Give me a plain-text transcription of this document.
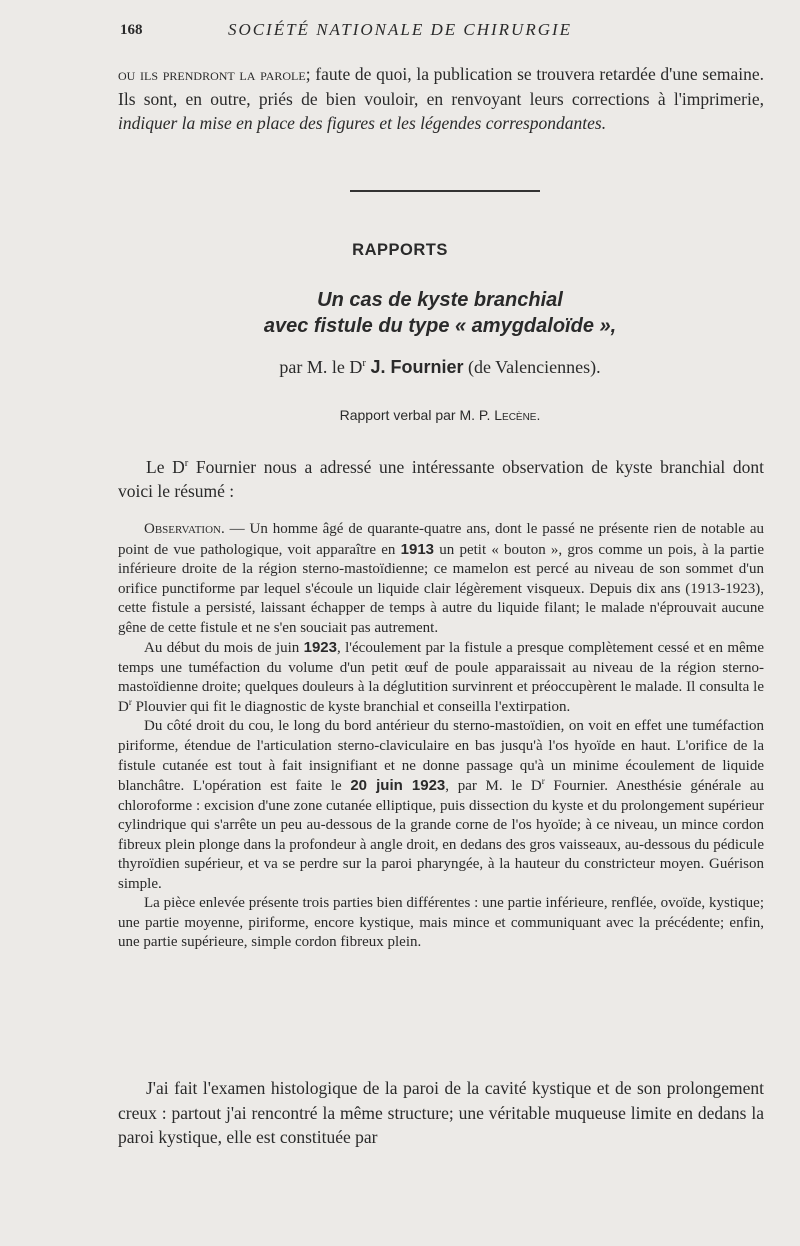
168	SOCIÉTÉ NATIONALE DE CHIRURGIE
ou ils prendront la parole; faute de quoi, la publication se trouvera retardée d'une semaine. Ils sont, en outre, priés de bien vouloir, en renvoyant leurs corrections à l'imprimerie, indiquer la mise en place des figures et les légendes correspondantes.
RAPPORTS
Un cas de kyste branchial
avec fistule du type « amygdaloïde »,
par M. le $D^r$ J. Fournier (de Valenciennes).
Rapport verbal par M. P. Lecène.
Le $D^r$ Fournier nous a adressé une intéressante observation de kyste branchial dont voici le résumé :

Observation. — Un homme âgé de quarante-quatre ans, dont le passé ne présente rien de notable au point de vue pathologique, voit apparaître en 1913 un petit « bouton », gros comme un pois, à la partie inférieure droite de la région sterno-mastoïdienne; ce mamelon est percé au niveau de son sommet d'un orifice punctiforme par lequel s'écoule un liquide clair légèrement visqueux. Depuis dix ans (1913-1923), cette fistule a persisté, laissant échapper de temps à autre du liquide filant; le malade n'éprouvait aucune gêne de cette fistule et ne s'en souciait pas autrement.

Au début du mois de juin 1923, l'écoulement par la fistule a presque complètement cessé et en même temps une tuméfaction du volume d'un petit œuf de poule apparaissait au niveau de la région sterno-mastoïdienne droite; quelques douleurs à la déglutition survinrent et préoccupèrent le malade. Il consulta le $D^r$ Plouvier qui fit le diagnostic de kyste branchial et conseilla l'extirpation.

Du côté droit du cou, le long du bord antérieur du sterno-mastoïdien, on voit en effet une tuméfaction piriforme, étendue de l'articulation sterno-claviculaire en bas jusqu'à l'os hyoïde en haut. L'orifice de la fistule cutanée est tout à fait insignifiant et ne donne passage qu'à un minime écoulement de liquide blanchâtre. L'opération est faite le 20 juin 1923, par M. le $D^r$ Fournier. Anesthésie générale au chloroforme : excision d'une zone cutanée elliptique, puis dissection du kyste et du prolongement supérieur cylindrique qui s'arrête un peu au-dessous de la grande corne de l'os hyoïde; à ce niveau, un mince cordon fibreux plein plonge dans la profondeur à angle droit, en dedans des gros vaisseaux, au-dessous du pédicule thyroïdien supérieur, et va se perdre sur la paroi pharyngée, à la hauteur du constricteur moyen. Guérison simple.

La pièce enlevée présente trois parties bien différentes : une partie inférieure, renflée, ovoïde, kystique; une partie moyenne, piriforme, encore kystique, mais mince et communiquant avec la précédente; enfin, une partie supérieure, simple cordon fibreux plein.

J'ai fait l'examen histologique de la paroi de la cavité kystique et de son prolongement creux : partout j'ai rencontré la même structure; une véritable muqueuse limite en dedans la paroi kystique, elle est constituée par
